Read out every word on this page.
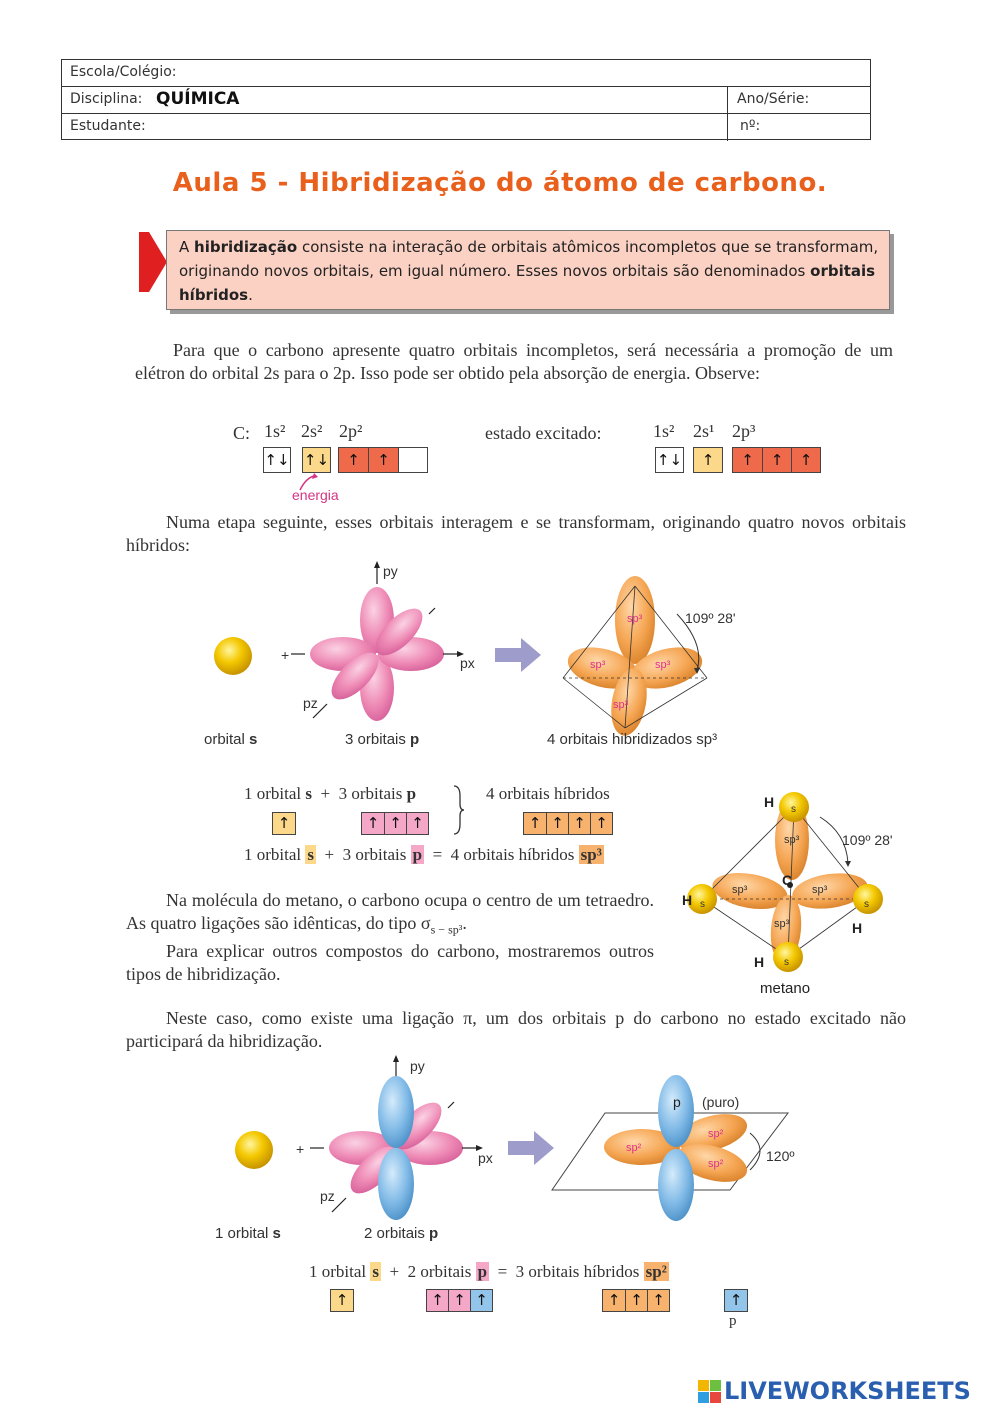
Escola/Colégio:
Disciplina: QUÍMICA	Ano/Série:
Estudante:	nº:
Aula 5 - Hibridização do átomo de carbono.
A hibridização consiste na interação de orbitais atômicos incompletos que se transformam, originando novos orbitais, em igual número. Esses novos orbitais são denominados orbitais híbridos.
Para que o carbono apresente quatro orbitais incompletos, será necessária a promoção de um elétron do orbital 2s para o 2p. Isso pode ser obtido pela absorção de energia. Observe:
C: 1s² 2s² 2p²
↑↓ ↑↓	↑	↑
energia
estado excitado:	1s² 2s¹ 2p³
↑↓	↑	↑	↑	↑
Numa etapa seguinte, esses orbitais interagem e se transformam, originando quatro novos orbitais híbridos:
+
py
px
pz
sp³
sp³	sp³
sp³
109º 28'
orbital s	3 orbitais p	4 orbitais hibridizados sp³
1 orbital s + 3 orbitais p	4 orbitais híbridos
↑	↑ ↑ ↑	↑ ↑ ↑ ↑
1 orbital s + 3 orbitais p = 4 orbitais híbridos sp³
H
H
H
H
C
s
s	s
s
sp³
sp³	sp³
sp³
109º 28'
metano
Na molécula do metano, o carbono ocupa o centro de um tetraedro. As quatro ligações são idênticas, do tipo $\sigma_{s - sp^3}$.
Para explicar outros compostos do carbono, mostraremos outros tipos de hibridização.
Neste caso, como existe uma ligação π, um dos orbitais p do carbono no estado excitado não participará da hibridização.
+
py
px
pz
p (puro)
sp²
sp²
sp²	120º
1 orbital s	2 orbitais p
1 orbital s + 2 orbitais p = 3 orbitais híbridos sp²
↑	↑ ↑ ↑	↑ ↑ ↑	↑
p
LIVEWORKSHEETS
